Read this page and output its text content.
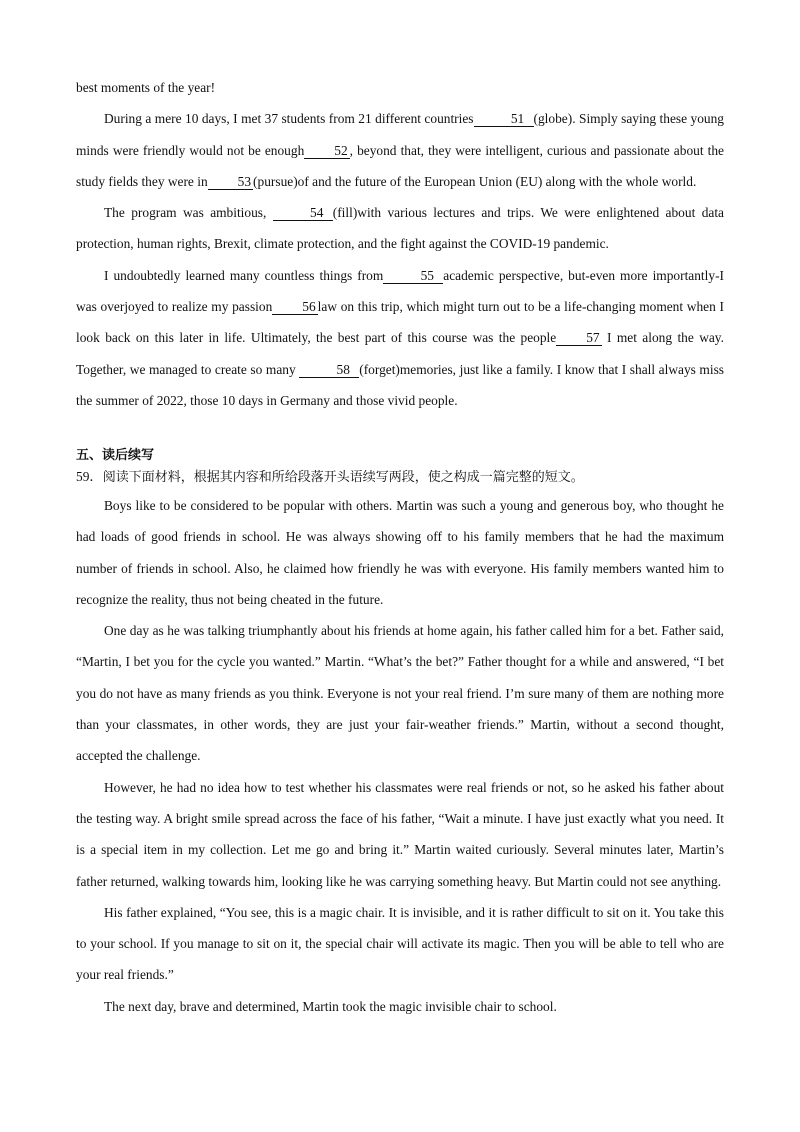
best moments of the year!

During a mere 10 days, I met 37 students from 21 different countries	51 (globe). Simply saying these young minds were friendly would not be enough 52 , beyond that, they were intelligent, curious and passionate about the study fields they were in 53 (pursue)of and the future of the European Union (EU) along with the whole world.

The program was ambitious,	54 (fill)with various lectures and trips. We were enlightened about data protection, human rights, Brexit, climate protection, and the fight against the COVID-19 pandemic.

I undoubtedly learned many countless things from	55 academic perspective, but-even more importantly-I was overjoyed to realize my passion 56 law on this trip, which might turn out to be a life-changing moment when I look back on this later in life. Ultimately, the best part of this course was the people 57 I met along the way. Together, we managed to create so many	58 (forget)memories, just like a family. I know that I shall always miss the summer of 2022, those 10 days in Germany and those vivid people.

五、读后续写
59．阅读下面材料，根据其内容和所给段落开头语续写两段，使之构成一篇完整的短文。

Boys like to be considered to be popular with others. Martin was such a young and generous boy, who thought he had loads of good friends in school. He was always showing off to his family members that he had the maximum number of friends in school. Also, he claimed how friendly he was with everyone. His family members wanted him to recognize the reality, thus not being cheated in the future.

One day as he was talking triumphantly about his friends at home again, his father called him for a bet. Father said, “Martin, I bet you for the cycle you wanted.” Martin. “What’s the bet?” Father thought for a while and answered, “I bet you do not have as many friends as you think. Everyone is not your real friend. I’m sure many of them are nothing more than your classmates, in other words, they are just your fair-weather friends.” Martin, without a second thought, accepted the challenge.

However, he had no idea how to test whether his classmates were real friends or not, so he asked his father about the testing way. A bright smile spread across the face of his father, “Wait a minute. I have just exactly what you need. It is a special item in my collection. Let me go and bring it.” Martin waited curiously. Several minutes later, Martin’s father returned, walking towards him, looking like he was carrying something heavy. But Martin could not see anything.

His father explained, “You see, this is a magic chair. It is invisible, and it is rather difficult to sit on it. You take this to your school. If you manage to sit on it, the special chair will activate its magic. Then you will be able to tell who are your real friends.”

The next day, brave and determined, Martin took the magic invisible chair to school.
